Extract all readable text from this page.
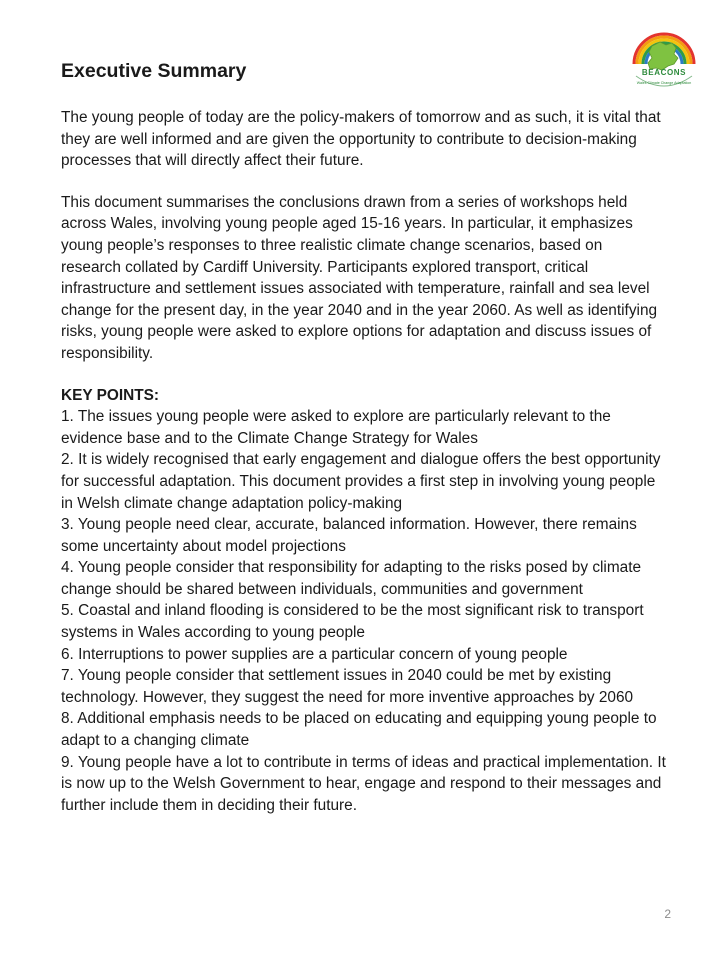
BEACONS
Wales Climate Change Adaptation
Executive Summary

The young people of today are the policy-makers of tomorrow and as such, it is vital that they are well informed and are given the opportunity to contribute to decision-making processes that will directly affect their future.

This document summarises the conclusions drawn from a series of workshops held across Wales, involving young people aged 15-16 years. In particular, it emphasizes young people’s responses to three realistic climate change scenarios, based on research collated by Cardiff University. Participants explored transport, critical infrastructure and settlement issues associated with temperature, rainfall and sea level change for the present day, in the year 2040 and in the year 2060. As well as identifying risks, young people were asked to explore options for adaptation and discuss issues of responsibility.

KEY POINTS:

1. The issues young people were asked to explore are particularly relevant to the evidence base and to the Climate Change Strategy for Wales
2. It is widely recognised that early engagement and dialogue offers the best opportunity for successful adaptation. This document provides a first step in involving young people in Welsh climate change adaptation policy-making
3. Young people need clear, accurate, balanced information. However, there remains some uncertainty about model projections
4. Young people consider that responsibility for adapting to the risks posed by climate change should be shared between individuals, communities and government
5. Coastal and inland flooding is considered to be the most significant risk to transport systems in Wales according to young people
6. Interruptions to power supplies are a particular concern of young people
7. Young people consider that settlement issues in 2040 could be met by existing technology. However, they suggest the need for more inventive approaches by 2060
8. Additional emphasis needs to be placed on educating and equipping young people to adapt to a changing climate
9. Young people have a lot to contribute in terms of ideas and practical implementation. It is now up to the Welsh Government to hear, engage and respond to their messages and further include them in deciding their future.
2
